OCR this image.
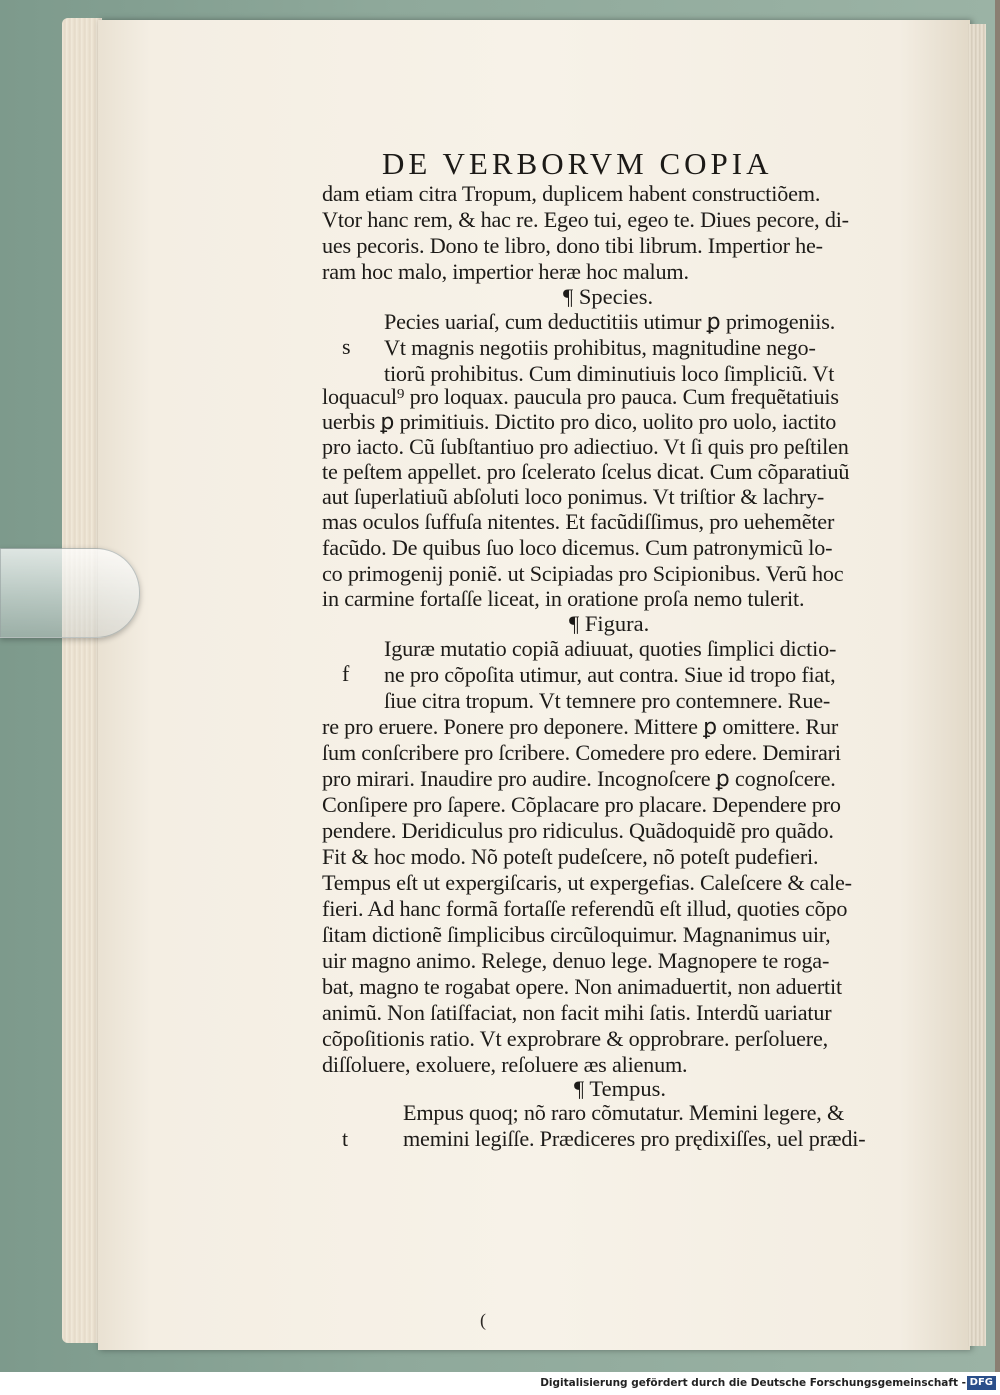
DE VERBORVM COPIA
dam etiam citra Tropum, duplicem habent constructiõem.
Vtor hanc rem, & hac re. Egeo tui, egeo te. Diues pecore, di-
ues pecoris. Dono te libro, dono tibi librum. Impertior he-
ram hoc malo, impertior heræ hoc malum.
¶ Species.
s
Pecies uariaſ, cum deductitiis utimur ꝑ primogeniis.
Vt magnis negotiis prohibitus, magnitudine nego-
tiorũ prohibitus. Cum diminutiuis loco ſimpliciũ. Vt
loquacul⁹ pro loquax. paucula pro pauca. Cum frequẽtatiuis
uerbis ꝑ primitiuis. Dictito pro dico, uolito pro uolo, iactito
pro iacto. Cũ ſubſtantiuo pro adiectiuo. Vt ſi quis pro peſtilen
te peſtem appellet. pro ſcelerato ſcelus dicat. Cum cõparatiuũ
aut ſuperlatiuũ abſoluti loco ponimus. Vt triſtior & lachry-
mas oculos ſuffuſa nitentes. Et facũdiſſimus, pro uehemẽter
facũdo. De quibus ſuo loco dicemus. Cum patronymicũ lo-
co primogenij poniẽ. ut Scipiadas pro Scipionibus. Verũ hoc
in carmine fortaſſe liceat, in oratione proſa nemo tulerit.
¶ Figura.
f
Iguræ mutatio copiã adiuuat, quoties ſimplici dictio-
ne pro cõpoſita utimur, aut contra. Siue id tropo fiat,
ſiue citra tropum. Vt temnere pro contemnere. Rue-
re pro eruere. Ponere pro deponere. Mittere ꝑ omittere. Rur
ſum conſcribere pro ſcribere. Comedere pro edere. Demirari
pro mirari. Inaudire pro audire. Incognoſcere ꝑ cognoſcere.
Conſipere pro ſapere. Cõplacare pro placare. Dependere pro
pendere. Deridiculus pro ridiculus. Quãdoquidẽ pro quãdo.
Fit & hoc modo. Nõ poteſt pudeſcere, nõ poteſt pudefieri.
Tempus eſt ut expergiſcaris, ut expergefias. Caleſcere & cale-
fieri. Ad hanc formã fortaſſe referendũ eſt illud, quoties cõpo
ſitam dictionẽ ſimplicibus circũloquimur. Magnanimus uir,
uir magno animo. Relege, denuo lege. Magnopere te roga-
bat, magno te rogabat opere. Non animaduertit, non aduertit
animũ. Non ſatiſfaciat, non facit mihi ſatis. Interdũ uariatur
cõpoſitionis ratio. Vt exprobrare & opprobrare. perſoluere,
diſſoluere, exoluere, reſoluere æs alienum.
¶ Tempus.
t
Empus quoq; nõ raro cõmutatur. Memini legere, &
memini legiſſe. Prædiceres pro prędixiſſes, uel prædi-
(
Digitalisierung gefördert durch die Deutsche Forschungsgemeinschaft - DFG
